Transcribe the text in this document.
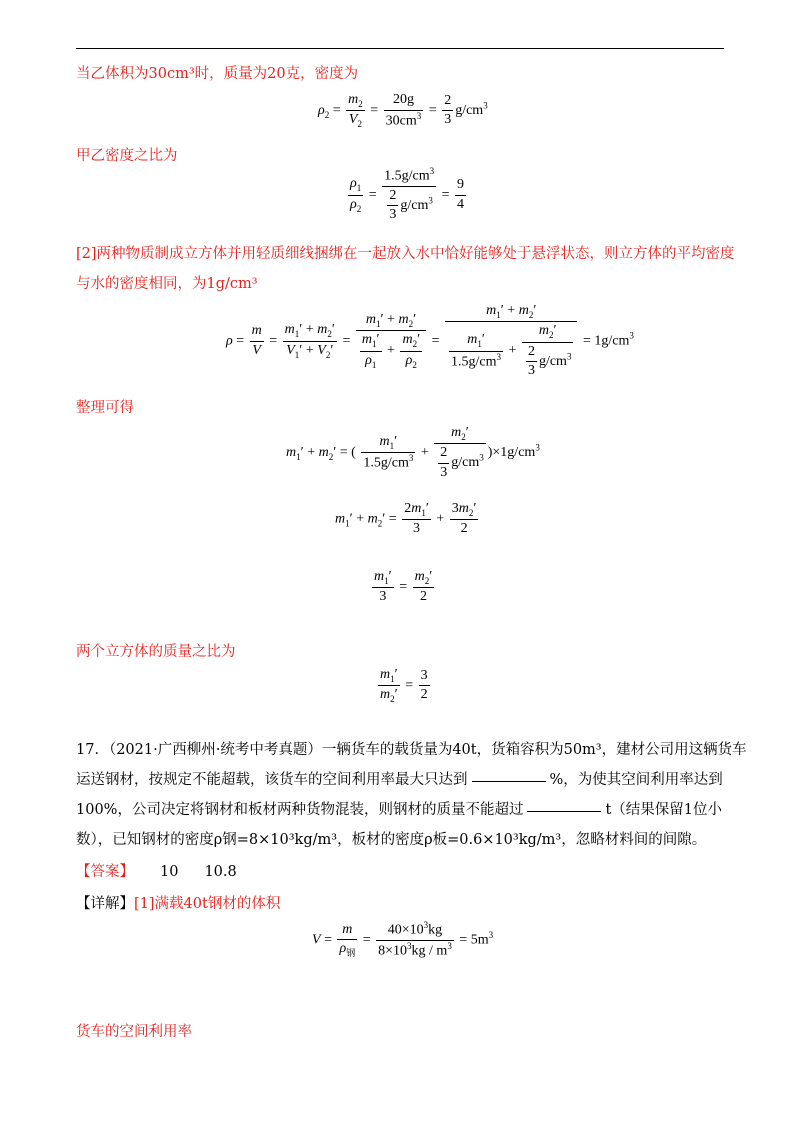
当乙体积为30cm³时，质量为20克，密度为
$\rho_2 = \frac{m_2}{V_2} = \frac{20g}{30cm^3} = \frac{2}{3} g/cm^3$
甲乙密度之比为
$\frac{\rho_1}{\rho_2} = \frac{1.5g/cm^3}{\frac{2}{3} g/cm^3} = \frac{9}{4}$
[2]两种物质制成立方体并用轻质细线捆绑在一起放入水中恰好能够处于悬浮状态，则立方体的平均密度
与水的密度相同，为1g/cm³
$\rho = \frac{m}{V} = \frac{m_1' + m_2'}{V_1' + V_2'} = \frac{m_1' + m_2'}{\frac{m_1'}{\rho_1} + \frac{m_2'}{\rho_2}} = \frac{m_1' + m_2'}{\frac{m_1'}{1.5g/cm^3} + \frac{m_2'}{\frac{2}{3} g/cm^3}} = 1g/cm^3$
整理可得
$m_1' + m_2'$ = ( $\frac{m_1'}{1.5g/cm^3} + \frac{m_2'}{\frac{2}{3} g/cm^3} )\times 1g/cm^3$
$m_1' + m_2' = \frac{2m_1'}{3} + \frac{3m_2'}{2}$
$\frac{m_1'}{3} = \frac{m_2'}{2}$
两个立方体的质量之比为
$\frac{m_1'}{m_2'} = \frac{3}{2}$
17．（2021·广西柳州·统考中考真题）一辆货车的载货量为40t，货箱容积为50m³，建材公司用这辆货车
运送钢材，按规定不能超载，该货车的空间利用率最大只达到	%，为使其空间利用率达到
100%，公司决定将钢材和板材两种货物混装，则钢材的质量不能超过	t（结果保留1位小
数），已知钢材的密度ρ钢=8×10³kg/m³，板材的密度ρ板=0.6×10³kg/m³，忽略材料间的间隙。
【答案】 10 10.8
【详解】[1]满载40t钢材的体积
$V = \frac{m}{\rho_钢} = \frac{40\times 10^3kg}{8\times 10^3kg / m^3} = 5m^3$
货车的空间利用率
